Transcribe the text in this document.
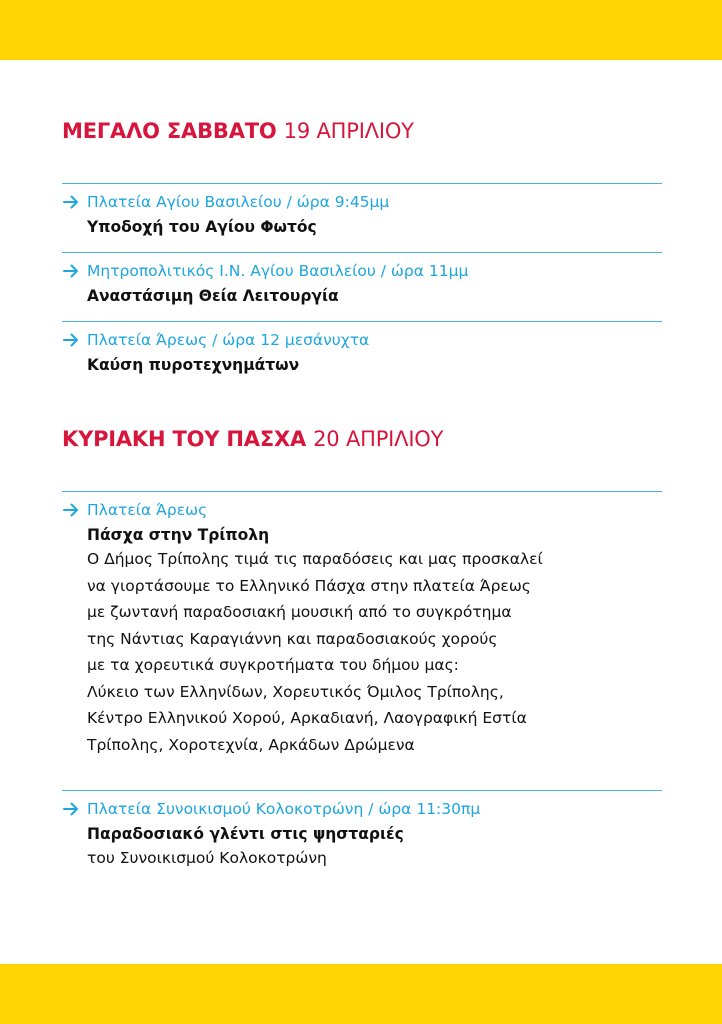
ΜΕΓΑΛΟ ΣΑΒΒΑΤΟ 19 ΑΠΡΙΛΙΟΥ
Πλατεία Αγίου Βασιλείου / ώρα 9:45μμ
Υποδοχή του Αγίου Φωτός
Μητροπολιτικός Ι.Ν. Αγίου Βασιλείου / ώρα 11μμ
Αναστάσιμη Θεία Λειτουργία
Πλατεία Άρεως / ώρα 12 μεσάνυχτα
Καύση πυροτεχνημάτων
ΚΥΡΙΑΚΗ ΤΟΥ ΠΑΣΧΑ 20 ΑΠΡΙΛΙΟΥ
Πλατεία Άρεως
Πάσχα στην Τρίπολη

Ο Δήμος Τρίπολης τιμά τις παραδόσεις και μας προσκαλεί

να γιορτάσουμε το Ελληνικό Πάσχα στην πλατεία Άρεως

με ζωντανή παραδοσιακή μουσική από το συγκρότημα

της Νάντιας Καραγιάννη και παραδοσιακούς χορούς

με τα χορευτικά συγκροτήματα του δήμου μας:

Λύκειο των Ελληνίδων, Χορευτικός Όμιλος Τρίπολης,

Κέντρο Ελληνικού Χορού, Αρκαδιανή, Λαογραφική Εστία

Τρίπολης, Χοροτεχνία, Αρκάδων Δρώμενα

Πλατεία Συνοικισμού Κολοκοτρώνη / ώρα 11:30πμ
Παραδοσιακό γλέντι στις ψησταριές

του Συνοικισμού Κολοκοτρώνη
